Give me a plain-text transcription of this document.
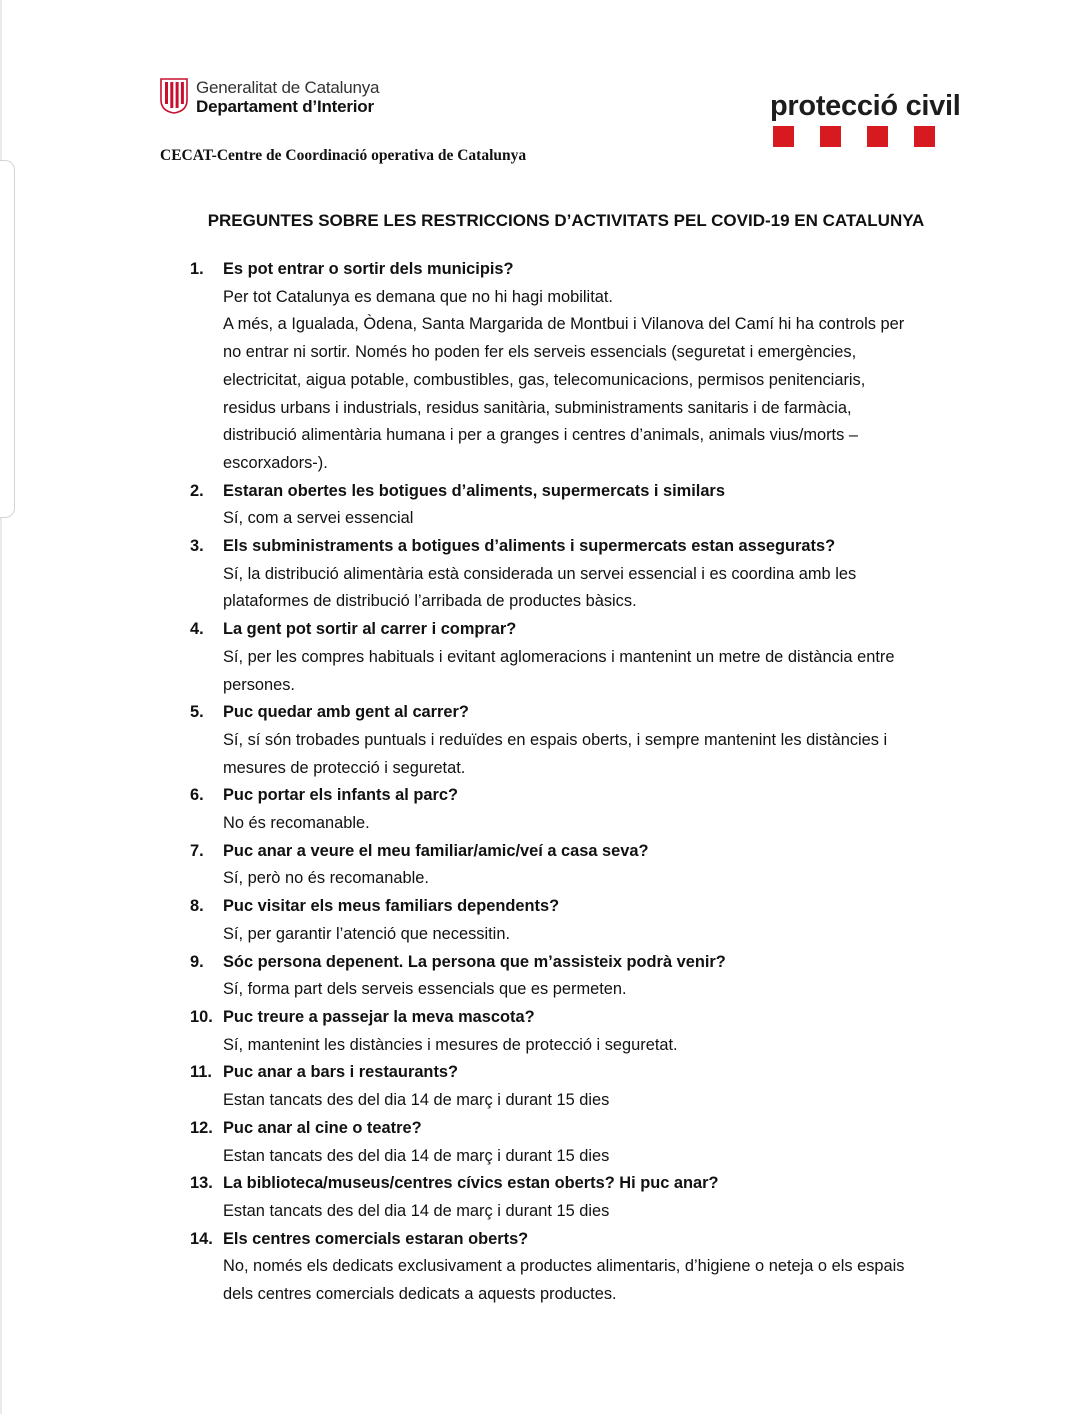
Generalitat de Catalunya
Departament d’Interior	protecció civil
CECAT-Centre de Coordinació operativa de Catalunya
PREGUNTES SOBRE LES RESTRICCIONS D’ACTIVITATS PEL COVID-19 EN CATALUNYA
1. Es pot entrar o sortir dels municipis?
Per tot Catalunya es demana que no hi hagi mobilitat.
A més, a Igualada, Òdena, Santa Margarida de Montbui i Vilanova del Camí hi ha controls per
no entrar ni sortir. Només ho poden fer els serveis essencials (seguretat i emergències,
electricitat, aigua potable, combustibles, gas, telecomunicacions, permisos penitenciaris,
residus urbans i industrials, residus sanitària, subministraments sanitaris i de farmàcia,
distribució alimentària humana i per a granges i centres d’animals, animals vius/morts –
escorxadors-).
2. Estaran obertes les botigues d’aliments, supermercats i similars
Sí, com a servei essencial
3. Els subministraments a botigues d’aliments i supermercats estan assegurats?
Sí, la distribució alimentària està considerada un servei essencial i es coordina amb les
plataformes de distribució l’arribada de productes bàsics.
4. La gent pot sortir al carrer i comprar?
Sí, per les compres habituals i evitant aglomeracions i mantenint un metre de distància entre
persones.
5. Puc quedar amb gent al carrer?
Sí, sí són trobades puntuals i reduïdes en espais oberts, i sempre mantenint les distàncies i
mesures de protecció i seguretat.
6. Puc portar els infants al parc?
No és recomanable.
7. Puc anar a veure el meu familiar/amic/veí a casa seva?
Sí, però no és recomanable.
8. Puc visitar els meus familiars dependents?
Sí, per garantir l’atenció que necessitin.
9. Sóc persona depenent. La persona que m’assisteix podrà venir?
Sí, forma part dels serveis essencials que es permeten.
10. Puc treure a passejar la meva mascota?
Sí, mantenint les distàncies i mesures de protecció i seguretat.
11. Puc anar a bars i restaurants?
Estan tancats des del dia 14 de març i durant 15 dies
12. Puc anar al cine o teatre?
Estan tancats des del dia 14 de març i durant 15 dies
13. La biblioteca/museus/centres cívics estan oberts? Hi puc anar?
Estan tancats des del dia 14 de març i durant 15 dies
14. Els centres comercials estaran oberts?
No, només els dedicats exclusivament a productes alimentaris, d’higiene o neteja o els espais
dels centres comercials dedicats a aquests productes.
